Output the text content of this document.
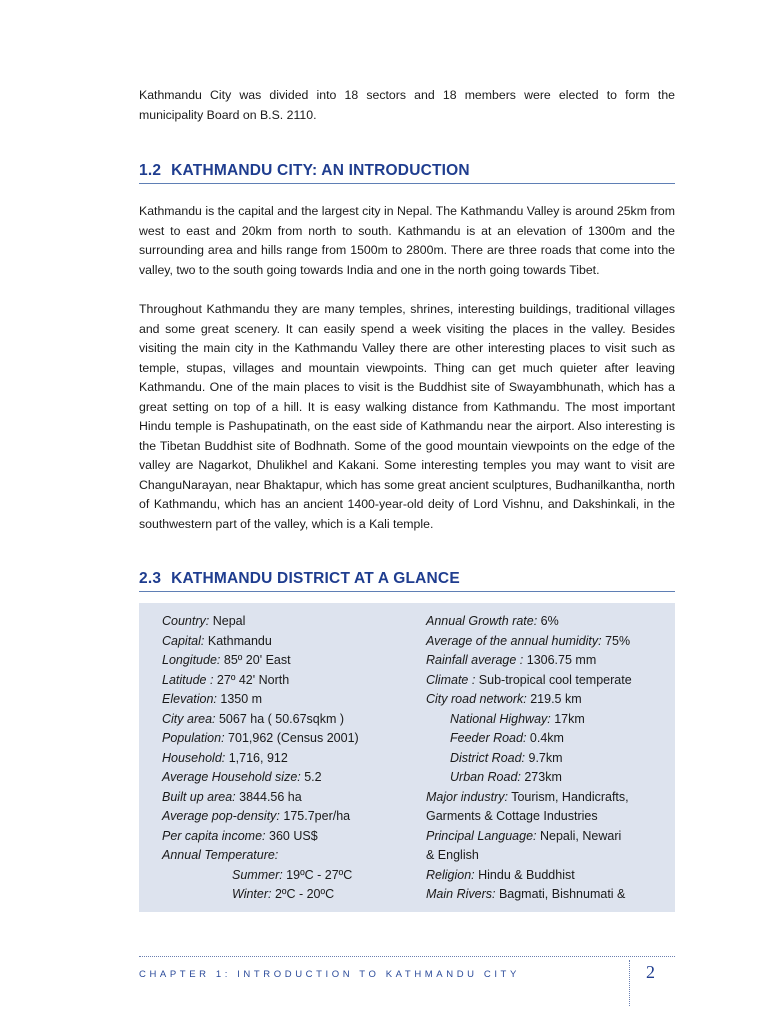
Kathmandu City was divided into 18 sectors and 18 members were elected to form the municipality Board on B.S. 2110.

1.2 KATHMANDU CITY: AN INTRODUCTION

Kathmandu is the capital and the largest city in Nepal. The Kathmandu Valley is around 25km from west to east and 20km from north to south. Kathmandu is at an elevation of 1300m and the surrounding area and hills range from 1500m to 2800m. There are three roads that come into the valley, two to the south going towards India and one in the north going towards Tibet.

Throughout Kathmandu they are many temples, shrines, interesting buildings, traditional villages and some great scenery. It can easily spend a week visiting the places in the valley. Besides visiting the main city in the Kathmandu Valley there are other interesting places to visit such as temple, stupas, villages and mountain viewpoints. Thing can get much quieter after leaving Kathmandu. One of the main places to visit is the Buddhist site of Swayambhunath, which has a great setting on top of a hill. It is easy walking distance from Kathmandu. The most important Hindu temple is Pashupatinath, on the east side of Kathmandu near the airport. Also interesting is the Tibetan Buddhist site of Bodhnath. Some of the good mountain viewpoints on the edge of the valley are Nagarkot, Dhulikhel and Kakani. Some interesting temples you may want to visit are ChanguNarayan, near Bhaktapur, which has some great ancient sculptures, Budhanilkantha, north of Kathmandu, which has an ancient 1400-year-old deity of Lord Vishnu, and Dakshinkali, in the southwestern part of the valley, which is a Kali temple.

2.3 KATHMANDU DISTRICT AT A GLANCE
Country: Nepal
Capital: Kathmandu
Longitude: 85º 20' East
Latitude : 27º 42' North
Elevation: 1350 m
City area: 5067 ha ( 50.67sqkm )
Population: 701,962 (Census 2001)
Household: 1,716, 912
Average Household size: 5.2
Built up area: 3844.56 ha
Average pop-density: 175.7per/ha
Per capita income: 360 US$
Annual Temperature:
Summer: 19ºC - 27ºC
Winter: 2ºC - 20ºC
Annual Growth rate: 6%
Average of the annual humidity: 75%
Rainfall average : 1306.75 mm
Climate : Sub-tropical cool temperate
City road network: 219.5 km
National Highway: 17km
Feeder Road: 0.4km
District Road: 9.7km
Urban Road: 273km
Major industry: Tourism, Handicrafts,
Garments & Cottage Industries
Principal Language: Nepali, Newari
& English
Religion: Hindu & Buddhist
Main Rivers: Bagmati, Bishnumati &
CHAPTER 1: INTRODUCTION TO KATHMANDU CITY	2
